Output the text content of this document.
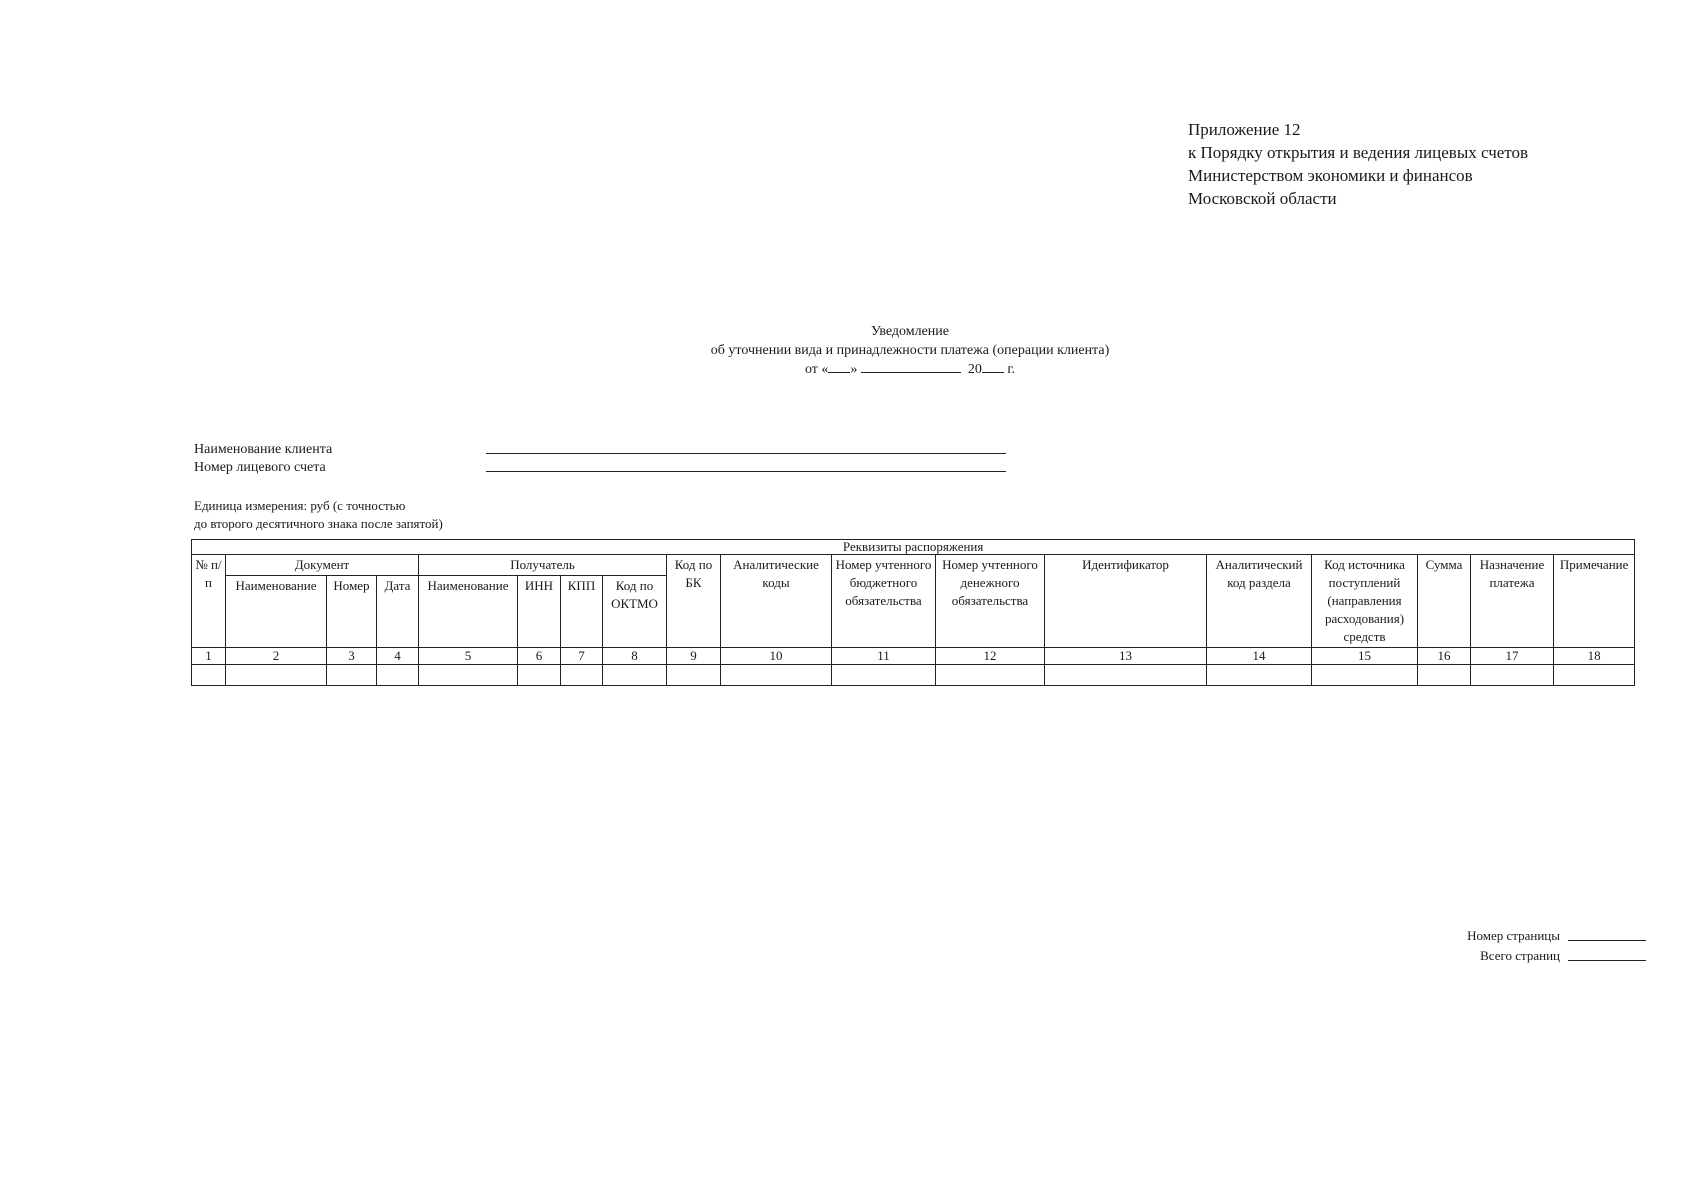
Приложение 12
к Порядку открытия и ведения лицевых счетов
Министерством экономики и финансов
Московской области
Уведомление
об уточнении вида и принадлежности платежа (операции клиента)
от « »	20 г.
Наименование клиента
Номер лицевого счета
Единица измерения: руб (с точностью
до второго десятичного знака после запятой)
Реквизиты распоряжения																	
№ п/п	Документ			Получатель				Код по БК	Аналитические коды	Номер учтенного бюджетного обязательства	Номер учтенного денежного обязательства	Идентификатор	Аналитический код раздела	Код источника поступлений (направления расходования) средств	Сумма	Назначение платежа	Примечание
	Наименование	Номер	Дата	Наименование	ИНН	КПП	Код по ОКТМО										
1	2	3	4	5	6	7	8	9	10	11	12	13	14	15	16	17	18

Номер страницы
Всего страниц
